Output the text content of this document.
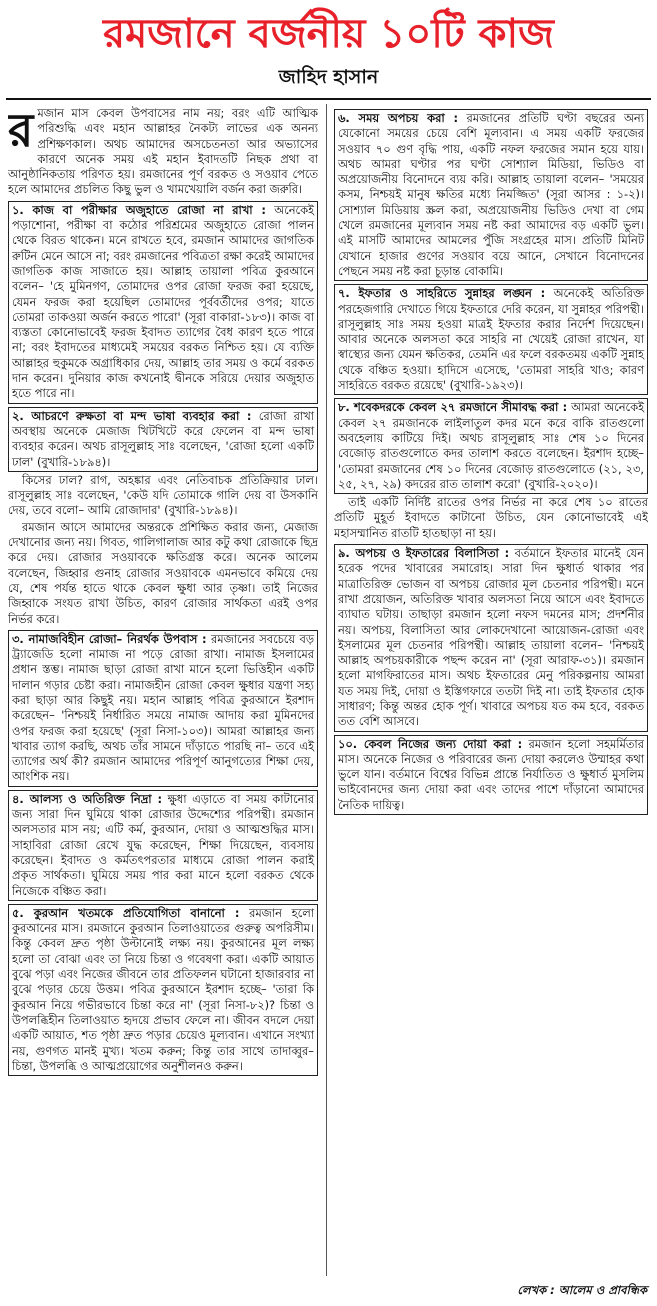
রমজানে বর্জনীয় ১০টি কাজ
জাহিদ হাসান

রমজান মাস কেবল উপবাসের নাম নয়; বরং এটি আত্মিক পরিশুদ্ধি এবং মহান আল্লাহর নৈকট্য লাভের এক অনন্য প্রশিক্ষণকাল। অথচ আমাদের অসচেতনতা আর অভ্যাসের কারণে অনেক সময় এই মহান ইবাদতটি নিছক প্রথা বা আনুষ্ঠানিকতায় পরিণত হয়। রমজানের পূর্ণ বরকত ও সওয়াব পেতে হলে আমাদের প্রচলিত কিছু ভুল ও খামখেয়ালি বর্জন করা জরুরি।

১. কাজ বা পরীক্ষার অজুহাতে রোজা না রাখা : অনেকেই পড়াশোনা, পরীক্ষা বা কঠোর পরিশ্রমের অজুহাতে রোজা পালন থেকে বিরত থাকেন। মনে রাখতে হবে, রমজান আমাদের জাগতিক রুটিন মেনে আসে না; বরং রমজানের পবিত্রতা রক্ষা করেই আমাদের জাগতিক কাজ সাজাতে হয়। আল্লাহ তায়ালা পবিত্র কুরআনে বলেন– 'হে মুমিনগণ, তোমাদের ওপর রোজা ফরজ করা হয়েছে, যেমন ফরজ করা হয়েছিল তোমাদের পূর্ববর্তীদের ওপর; যাতে তোমরা তাকওয়া অর্জন করতে পারো' (সূরা বাকারা-১৮৩)। কাজ বা ব্যস্ততা কোনোভাবেই ফরজ ইবাদত ত্যাগের বৈধ কারণ হতে পারে না; বরং ইবাদতের মাধ্যমেই সময়ের বরকত নিশ্চিত হয়। যে ব্যক্তি আল্লাহর হুকুমকে অগ্রাধিকার দেয়, আল্লাহ তার সময় ও কর্মে বরকত দান করেন। দুনিয়ার কাজ কখনোই দ্বীনকে সরিয়ে দেয়ার অজুহাত হতে পারে না।

২. আচরণে রুক্ষতা বা মন্দ ভাষা ব্যবহার করা : রোজা রাখা অবস্থায় অনেকে মেজাজ খিটখিটে করে ফেলেন বা মন্দ ভাষা ব্যবহার করেন। অথচ রাসূলুল্লাহ সাঃ বলেছেন, 'রোজা হলো একটি ঢাল' (বুখারি-১৮৯৪)।

কিসের ঢাল? রাগ, অহঙ্কার এবং নেতিবাচক প্রতিক্রিয়ার ঢাল। রাসূলুল্লাহ সাঃ বলেছেন, 'কেউ যদি তোমাকে গালি দেয় বা উসকানি দেয়, তবে বলো– আমি রোজাদার' (বুখারি-১৮৯৪)।

রমজান আসে আমাদের অন্তরকে প্রশিক্ষিত করার জন্য, মেজাজ দেখানোর জন্য নয়। গিবত, গালিগালাজ আর কটু কথা রোজাকে ছিদ্র করে দেয়। রোজার সওয়াবকে ক্ষতিগ্রস্ত করে। অনেক আলেম বলেছেন, জিহ্বার গুনাহ রোজার সওয়াবকে এমনভাবে কমিয়ে দেয় যে, শেষ পর্যন্ত হাতে থাকে কেবল ক্ষুধা আর তৃষ্ণা। তাই নিজের জিহ্বাকে সংযত রাখা উচিত, কারণ রোজার সার্থকতা এরই ওপর নির্ভর করে।

৩. নামাজবিহীন রোজা– নিরর্থক উপবাস : রমজানের সবচেয়ে বড় ট্র্যাজেডি হলো নামাজ না পড়ে রোজা রাখা। নামাজ ইসলামের প্রধান স্তম্ভ। নামাজ ছাড়া রোজা রাখা মানে হলো ভিত্তিহীন একটি দালান গড়ার চেষ্টা করা। নামাজহীন রোজা কেবল ক্ষুধার যন্ত্রণা সহ্য করা ছাড়া আর কিছুই নয়। মহান আল্লাহ পবিত্র কুরআনে ইরশাদ করেছেন– 'নিশ্চয়ই নির্ধারিত সময়ে নামাজ আদায় করা মুমিনদের ওপর ফরজ করা হয়েছে' (সূরা নিসা-১০৩)। আমরা আল্লাহর জন্য খাবার ত্যাগ করছি, অথচ তাঁর সামনে দাঁড়াতে পারছি না– তবে এই ত্যাগের অর্থ কী? রমজান আমাদের পরিপূর্ণ আনুগত্যের শিক্ষা দেয়, আংশিক নয়।

৪. আলস্য ও অতিরিক্ত নিদ্রা : ক্ষুধা এড়াতে বা সময় কাটানোর জন্য সারা দিন ঘুমিয়ে থাকা রোজার উদ্দেশ্যের পরিপন্থী। রমজান অলসতার মাস নয়; এটি কর্ম, কুরআন, দোয়া ও আত্মশুদ্ধির মাস। সাহাবিরা রোজা রেখে যুদ্ধ করেছেন, শিক্ষা দিয়েছেন, ব্যবসায় করেছেন। ইবাদত ও কর্মতৎপরতার মাধ্যমে রোজা পালন করাই প্রকৃত সার্থকতা। ঘুমিয়ে সময় পার করা মানে হলো বরকত থেকে নিজেকে বঞ্চিত করা।

৫. কুরআন খতমকে প্রতিযোগিতা বানানো : রমজান হলো কুরআনের মাস। রমজানে কুরআন তিলাওয়াতের গুরুত্ব অপরিসীম। কিন্তু কেবল দ্রুত পৃষ্ঠা উল্টানোই লক্ষ্য নয়। কুরআনের মূল লক্ষ্য হলো তা বোঝা এবং তা নিয়ে চিন্তা ও গবেষণা করা। একটি আয়াত বুঝে পড়া এবং নিজের জীবনে তার প্রতিফলন ঘটানো হাজারবার না বুঝে পড়ার চেয়ে উত্তম। পবিত্র কুরআনে ইরশাদ হচ্ছে– 'তারা কি কুরআন নিয়ে গভীরভাবে চিন্তা করে না' (সূরা নিসা-৮২)? চিন্তা ও উপলব্ধিহীন তিলাওয়াত হৃদয়ে প্রভাব ফেলে না। জীবন বদলে দেয়া একটি আয়াত, শত পৃষ্ঠা দ্রুত পড়ার চেয়েও মূল্যবান। এখানে সংখ্যা নয়, গুণগত মানই মুখ্য। খতম করুন; কিন্তু তার সাথে তাদাব্বুর– চিন্তা, উপলব্ধি ও আত্মপ্রয়োগের অনুশীলনও করুন।

৬. সময় অপচয় করা : রমজানের প্রতিটি ঘণ্টা বছরের অন্য যেকোনো সময়ের চেয়ে বেশি মূল্যবান। এ সময় একটি ফরজের সওয়াব ৭০ গুণ বৃদ্ধি পায়, একটি নফল ফরজের সমান হয়ে যায়। অথচ আমরা ঘণ্টার পর ঘণ্টা সোশ্যাল মিডিয়া, ভিডিও বা অপ্রয়োজনীয় বিনোদনে ব্যয় করি। আল্লাহ তায়ালা বলেন– 'সময়ের কসম, নিশ্চয়ই মানুষ ক্ষতির মধ্যে নিমজ্জিত' (সূরা আসর : ১-২)। সোশ্যাল মিডিয়ায় স্ক্রল করা, অপ্রয়োজনীয় ভিডিও দেখা বা গেম খেলে রমজানের মূল্যবান সময় নষ্ট করা আমাদের বড় একটি ভুল। এই মাসটি আমাদের আমলের পুঁজি সংগ্রহের মাস। প্রতিটি মিনিট যেখানে হাজার গুণের সওয়াব বয়ে আনে, সেখানে বিনোদনের পেছনে সময় নষ্ট করা চূড়ান্ত বোকামি।

৭. ইফতার ও সাহরিতে সুন্নাহর লঙ্ঘন : অনেকেই অতিরিক্ত পরহেজগারি দেখাতে গিয়ে ইফতারে দেরি করেন, যা সুন্নাহর পরিপন্থী। রাসূলুল্লাহ সাঃ সময় হওয়া মাত্রই ইফতার করার নির্দেশ দিয়েছেন। আবার অনেকে অলসতা করে সাহরি না খেয়েই রোজা রাখেন, যা স্বাস্থ্যের জন্য যেমন ক্ষতিকর, তেমনি এর ফলে বরকতময় একটি সুন্নাহ থেকে বঞ্চিত হওয়া। হাদিসে এসেছে, 'তোমরা সাহরি খাও; কারণ সাহরিতে বরকত রয়েছে' (বুখারি-১৯২৩)।

৮. শবেকদরকে কেবল ২৭ রমজানে সীমাবদ্ধ করা : আমরা অনেকেই কেবল ২৭ রমজানকে লাইলাতুল কদর মনে করে বাকি রাতগুলো অবহেলায় কাটিয়ে দিই। অথচ রাসূলুল্লাহ সাঃ শেষ ১০ দিনের বেজোড় রাতগুলোতে কদর তালাশ করতে বলেছেন। ইরশাদ হচ্ছে– 'তোমরা রমজানের শেষ ১০ দিনের বেজোড় রাতগুলোতে (২১, ২৩, ২৫, ২৭, ২৯) কদরের রাত তালাশ করো' (বুখারি-২০২০)।

তাই একটি নির্দিষ্ট রাতের ওপর নির্ভর না করে শেষ ১০ রাতের প্রতিটি মুহূর্ত ইবাদতে কাটানো উচিত, যেন কোনোভাবেই এই মহাসম্মানিত রাতটি হাতছাড়া না হয়।

৯. অপচয় ও ইফতারের বিলাসিতা : বর্তমানে ইফতার মানেই যেন হরেক পদের খাবারের সমারোহ। সারা দিন ক্ষুধার্ত থাকার পর মাত্রাতিরিক্ত ভোজন বা অপচয় রোজার মূল চেতনার পরিপন্থী। মনে রাখা প্রয়োজন, অতিরিক্ত খাবার অলসতা নিয়ে আসে এবং ইবাদতে ব্যাঘাত ঘটায়। তাছাড়া রমজান হলো নফস দমনের মাস; প্রদর্শনীর নয়। অপচয়, বিলাসিতা আর লোকদেখানো আয়োজন-রোজা এবং ইসলামের মূল চেতনার পরিপন্থী। আল্লাহ তায়ালা বলেন– 'নিশ্চয়ই আল্লাহ অপচয়কারীকে পছন্দ করেন না' (সূরা আরাফ-৩১)। রমজান হলো মাগফিরাতের মাস। অথচ ইফতারের মেনু পরিকল্পনায় আমরা যত সময় দিই, দোয়া ও ইস্তিগফারে ততটা দিই না। তাই ইফতার হোক সাধারণ; কিন্তু অন্তর হোক পূর্ণ। খাবারে অপচয় যত কম হবে, বরকত তত বেশি আসবে।

১০. কেবল নিজের জন্য দোয়া করা : রমজান হলো সহমর্মিতার মাস। অনেকে নিজের ও পরিবারের জন্য দোয়া করলেও উম্মাহর কথা ভুলে যান। বর্তমানে বিশ্বের বিভিন্ন প্রান্তে নির্যাতিত ও ক্ষুধার্ত মুসলিম ভাইবোনদের জন্য দোয়া করা এবং তাদের পাশে দাঁড়ানো আমাদের নৈতিক দায়িত্ব।

লেখক : আলেম ও প্রাবন্ধিক
